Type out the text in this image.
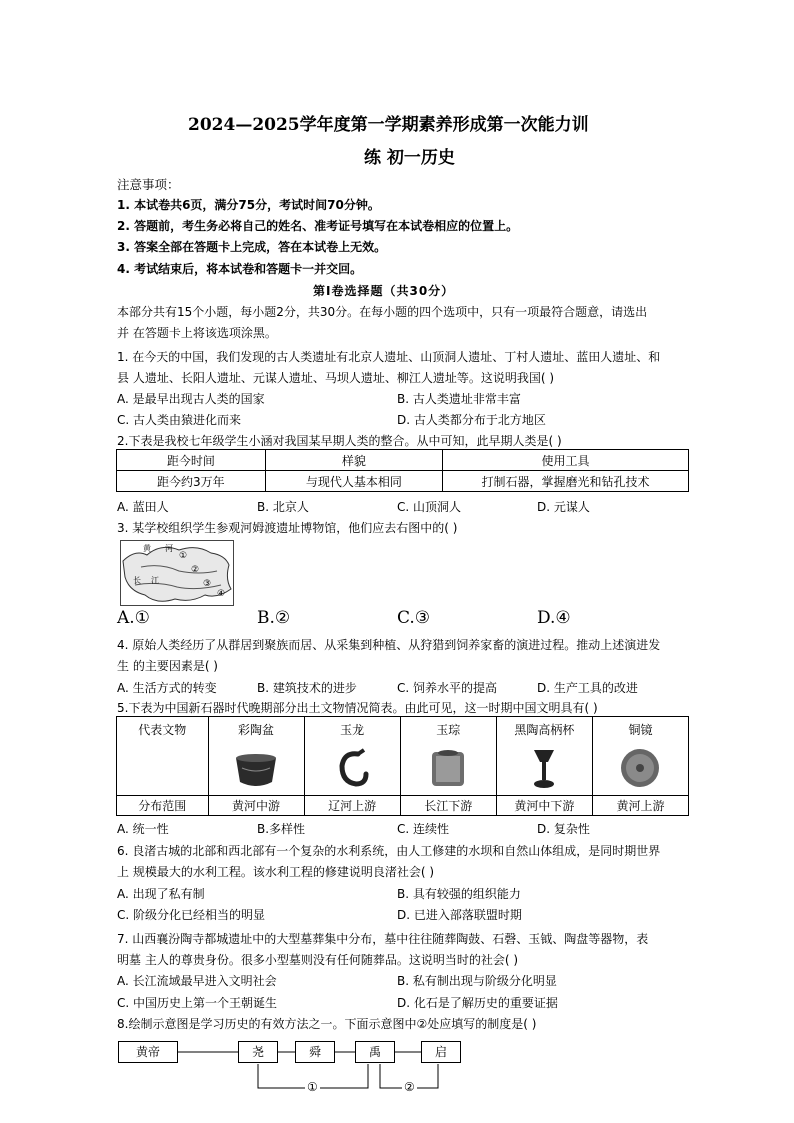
2024—2025学年度第一学期素养形成第一次能力训
练 初一历史
注意事项：
1. 本试卷共6页，满分75分，考试时间70分钟。
2. 答题前，考生务必将自己的姓名、准考证号填写在本试卷相应的位置上。
3. 答案全部在答题卡上完成，答在本试卷上无效。
4. 考试结束后，将本试卷和答题卡一并交回。
第I卷选择题（共30分）
本部分共有15个小题，每小题2分，共30分。在每小题的四个选项中，只有一项最符合题意，请选出
并 在答题卡上将该选项涂黑。
1. 在今天的中国，我们发现的古人类遗址有北京人遗址、山顶洞人遗址、丁村人遗址、蓝田人遗址、和
县 人遗址、长阳人遗址、元谋人遗址、马坝人遗址、柳江人遗址等。这说明我国( )
A. 是最早出现古人类的国家	B. 古人类遗址非常丰富
C. 古人类由猿进化而来	D. 古人类都分布于北方地区
2.下表是我校七年级学生小涵对我国某早期人类的整合。从中可知，此早期人类是( )
距今时间	样貌	使用工具
距今约3万年	与现代人基本相同	打制石器，掌握磨光和钻孔技术
A. 蓝田人	B. 北京人	C. 山顶洞人	D. 元谋人
3. 某学校组织学生参观河姆渡遗址博物馆，他们应去右图中的( )
黄 河
长 江
①
②
③
④
A.①	B.②	C.③	D.④
4. 原始人类经历了从群居到聚族而居、从采集到种植、从狩猎到饲养家畜的演进过程。推动上述演进发
生 的主要因素是( )
A. 生活方式的转变	B. 建筑技术的进步	C. 饲养水平的提高	D. 生产工具的改进
5.下表为中国新石器时代晚期部分出土文物情况简表。由此可见，这一时期中国文明具有( )
代表文物	彩陶盆	玉龙	玉琮	黑陶高柄杯	铜镜

分布范围	黄河中游	辽河上游	长江下游	黄河中下游	黄河上游
A. 统一性	B.多样性	C. 连续性	D. 复杂性
6. 良渚古城的北部和西北部有一个复杂的水利系统，由人工修建的水坝和自然山体组成，是同时期世界
上 规模最大的水利工程。该水利工程的修建说明良渚社会( )
A. 出现了私有制	B. 具有较强的组织能力
C. 阶级分化已经相当的明显	D. 已进入部落联盟时期
7. 山西襄汾陶寺都城遗址中的大型墓葬集中分布，墓中往往随葬陶鼓、石磬、玉钺、陶盘等器物，表
明墓 主人的尊贵身份。很多小型墓则没有任何随葬品。这说明当时的社会( )
A. 长江流域最早进入文明社会	B. 私有制出现与阶级分化明显
C. 中国历史上第一个王朝诞生	D. 化石是了解历史的重要证据
8.绘制示意图是学习历史的有效方法之一。下面示意图中②处应填写的制度是( )
黄帝	尧	舜	禹	启
①	②
